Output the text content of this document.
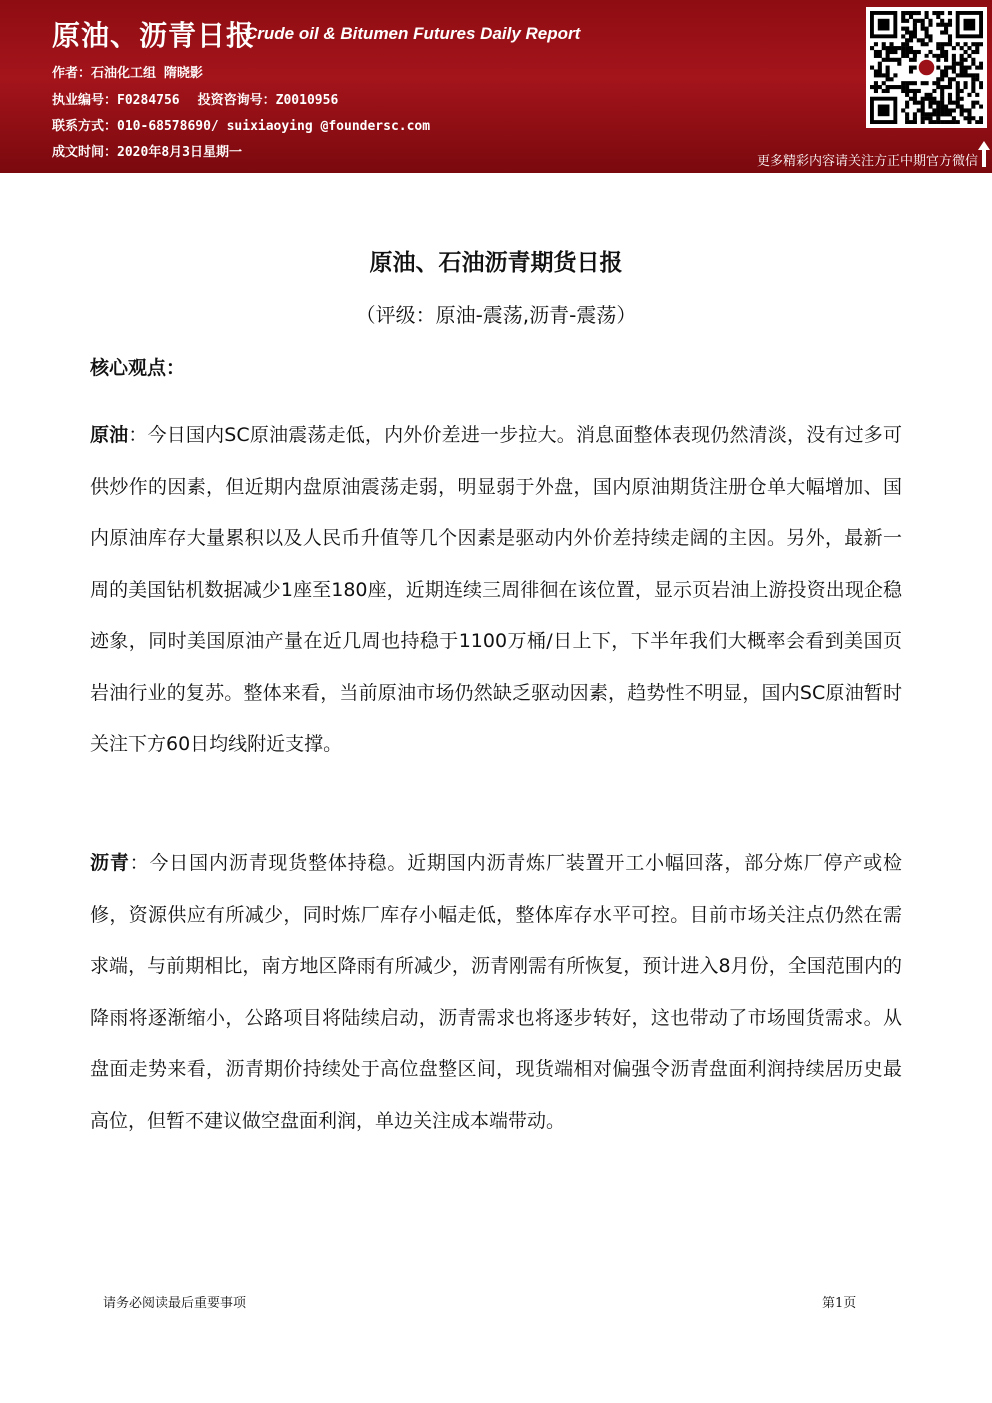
原油、沥青日报
Crude oil & Bitumen Futures Daily Report
作者：石油化工组 隋晓影
执业编号：F0284756 投资咨询号：Z0010956
联系方式：010-68578690/ suixiaoying @foundersc.com
成文时间：2020年8月3日星期一
更多精彩内容请关注方正中期官方微信
原油、石油沥青期货日报
（评级：原油-震荡,沥青-震荡）
核心观点：
原油：今日国内SC原油震荡走低，内外价差进一步拉大。消息面整体表现仍然清淡，没有过多可供炒作的因素，但近期内盘原油震荡走弱，明显弱于外盘，国内原油期货注册仓单大幅增加、国内原油库存大量累积以及人民币升值等几个因素是驱动内外价差持续走阔的主因。另外，最新一周的美国钻机数据减少1座至180座，近期连续三周徘徊在该位置，显示页岩油上游投资出现企稳迹象，同时美国原油产量在近几周也持稳于1100万桶/日上下，下半年我们大概率会看到美国页岩油行业的复苏。整体来看，当前原油市场仍然缺乏驱动因素，趋势性不明显，国内SC原油暂时关注下方60日均线附近支撑。
沥青：今日国内沥青现货整体持稳。近期国内沥青炼厂装置开工小幅回落，部分炼厂停产或检修，资源供应有所减少，同时炼厂库存小幅走低，整体库存水平可控。目前市场关注点仍然在需求端，与前期相比，南方地区降雨有所减少，沥青刚需有所恢复，预计进入8月份，全国范围内的降雨将逐渐缩小，公路项目将陆续启动，沥青需求也将逐步转好，这也带动了市场囤货需求。从盘面走势来看，沥青期价持续处于高位盘整区间，现货端相对偏强令沥青盘面利润持续居历史最高位，但暂不建议做空盘面利润，单边关注成本端带动。
请务必阅读最后重要事项	第1页
